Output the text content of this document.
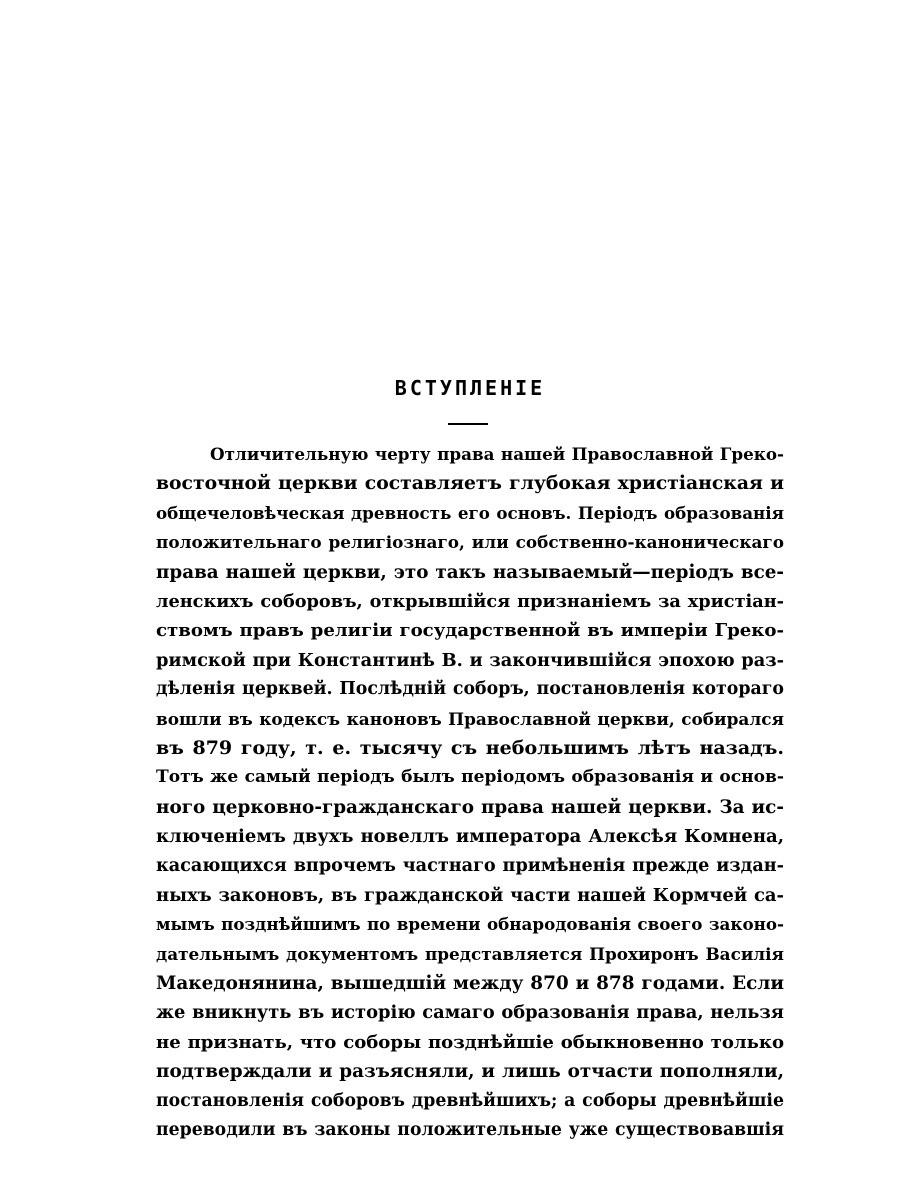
ВСТУПЛЕНІЕ
Отличительную черту права нашей Православной Греко-
восточной церкви составляетъ глубокая христіанская и
общечеловѣческая древность его основъ. Періодъ образованія
положительнаго религіознаго, или собственно-каноническаго
права нашей церкви, это такъ называемый—періодъ все-
ленскихъ соборовъ, открывшійся признаніемъ за христіан-
ствомъ правъ религіи государственной въ имперіи Греко-
римской при Константинѣ В. и закончившійся эпохою раз-
дѣленія церквей. Послѣдній соборъ, постановленія котораго
вошли въ кодексъ каноновъ Православной церкви, собирался
въ 879 году, т. е. тысячу съ небольшимъ лѣтъ назадъ.
Тотъ же самый періодъ былъ періодомъ образованія и основ-
ного церковно-гражданскаго права нашей церкви. За ис-
ключеніемъ двухъ новеллъ императора Алексѣя Комнена,
касающихся впрочемъ частнаго примѣненія прежде издан-
ныхъ законовъ, въ гражданской части нашей Кормчей са-
мымъ позднѣйшимъ по времени обнародованія своего законо-
дательнымъ документомъ представляется Прохиронъ Василія
Македонянина, вышедшій между 870 и 878 годами. Если
же вникнуть въ исторію самаго образованія права, нельзя
не признать, что соборы позднѣйшіе обыкновенно только
подтверждали и разъясняли, и лишь отчасти пополняли,
постановленія соборовъ древнѣйшихъ; а соборы древнѣйшіе
переводили въ законы положительные уже существовавшія
